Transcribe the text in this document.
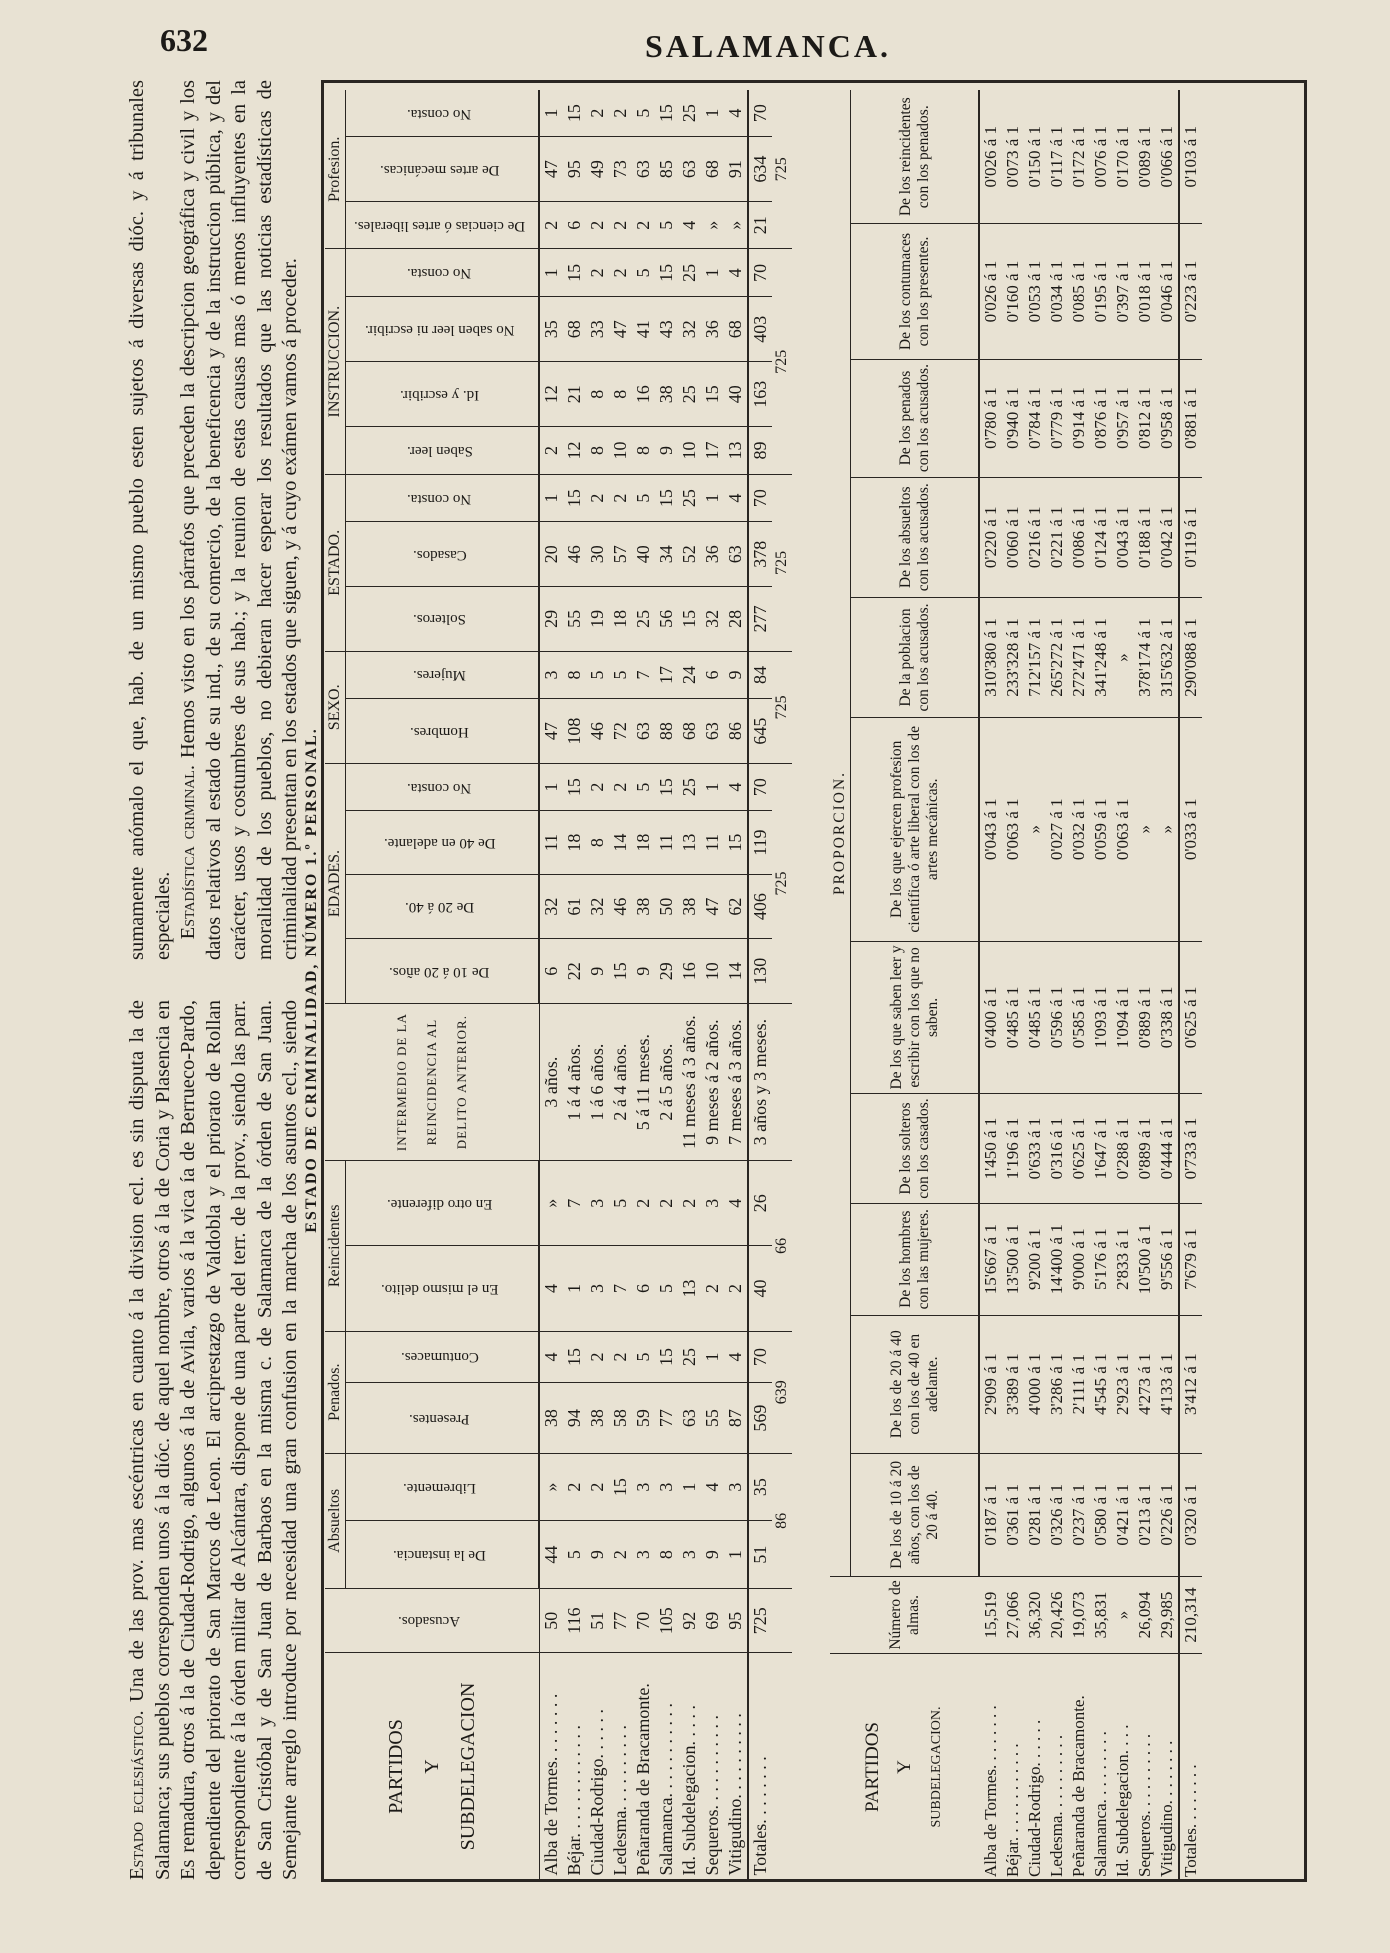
632	SALAMANCA.

Estado eclesiástico. Una de las prov. mas escéntricas en cuanto á la division ecl. es sin disputa la de Salamanca; sus pueblos corresponden unos á la dióc. de aquel nombre, otros á la de Coria y Plasencia en Es remadura, otros á la de Ciudad-Rodrigo, algunos á la de Avila, varios á la vica ía de Berrueco-Pardo, dependiente del priorato de San Marcos de Leon. El arciprestazgo de Valdobla y el priorato de Rollan correspondiente á la órden militar de Alcántara, dispone de una parte del terr. de la prov., siendo las parr. de San Cristóbal y de San Juan de Barbaos en la misma c. de Salamanca de la órden de San Juan. Semejante arreglo introduce por necesidad una gran confusion en la marcha de los asuntos ecl., siendo sumamente anómalo el que, hab. de un mismo pueblo esten sujetos á diversas dióc. y á tribunales especiales. Estadística criminal. Hemos visto en los párrafos que preceden la descripcion geográfica y civil y los datos relativos al estado de su ind., de su comercio, de la beneficencia y de la instruccion pública, y del carácter, usos y costumbres de sus hab.; y la reunion de estas causas mas ó menos influyentes en la moralidad de los pueblos, no debieran hacer esperar los resultados que las noticias estadísticas de criminalidad presentan en los estados que siguen, y á cuyo exámen vamos á proceder.

ESTADO DE CRIMINALIDAD, NÚMERO 1.º PERSONAL.
PARTIDOS Y SUBDELEGACION	Acusados.	Absueltos		Penados.		Reincidentes		INTERMEDIO DE LA REINCIDENCIA AL DELITO ANTERIOR.	EDADES.				SEXO.		ESTADO.			INSTRUCCION.				Profesion.		
		De la instancia.	Libremente.	Presentes.	Contumaces.	En el mismo delito.	En otro diferente.		De 10 á 20 años.	De 20 á 40.	De 40 en adelante.	No consta.	Hombres.	Mujeres.	Solteros.	Casados.	No consta.	Saben leer.	Id. y escribir.	No saben leer ni escribir.	No consta.	De ciencias ó artes liberales.	De artes mecánicas.	No consta.
Alba de Tormes. . . . . . . .	50	44	»	38	4	4	»	3 años.	6	32	11	1	47	3	29	20	1	2	12	35	1	2	47	1
Béjar. . . . . . . . . . . . .	116	5	2	94	15	1	7	1 á 4 años.	22	61	18	15	108	8	55	46	15	12	21	68	15	6	95	15
Ciudad-Rodrigo. . . . . .	51	9	2	38	2	3	3	1 á 6 años.	9	32	8	2	46	5	19	30	2	8	8	33	2	2	49	2
Ledesma. . . . . . . . . .	77	2	15	58	2	7	5	2 á 4 años.	15	46	14	2	72	5	18	57	2	10	8	47	2	2	73	2
Peñaranda de Bracamonte.	70	3	3	59	5	6	2	5 á 11 meses.	9	38	18	5	63	7	25	40	5	8	16	41	5	2	63	5
Salamanca. . . . . . . . . . .	105	8	3	77	15	5	2	2 á 5 años.	29	50	11	15	88	17	56	34	15	9	38	43	15	5	85	15
Id. Subdelegacion. . . . .	92	3	1	63	25	13	2	11 meses á 3 años.	16	38	13	25	68	24	15	52	25	10	25	32	25	4	63	25
Sequeros. . . . . . . . . . .	69	9	4	55	1	2	3	9 meses á 2 años.	10	47	11	1	63	6	32	36	1	17	15	36	1	»	68	1
Vitigudino. . . . . . . . . .	95	1	3	87	4	2	4	7 meses á 3 años.	14	62	15	4	86	9	28	63	4	13	40	68	4	»	91	4
Totales. . . . . . . .	725	51	35	569	70	40	26	3 años y 3 meses.	130	406	119	70	645	84	277	378	70	89	163	403	70	21	634	70
		86		639		66			725				725		725			725				725		
PARTIDOS Y SUBDELEGACION.	Número de almas.	PROPORCION.										
		De los de 10 á 20 años, con los de 20 á 40.	De los de 20 á 40 con los de 40 en adelante.	De los hombres con las mujeres.	De los solteros con los casados.	De los que saben leer y escribir con los que no saben.	De los que ejercen profesion científica ó arte liberal con los de artes mecánicas.	De la poblacion con los acusados.	De los absueltos con los acusados.	De los penados con los acusados.	De los contumaces con los presentes.	De los reincidentes con los penados.
Alba de Tormes. . . . . . . .	15,519	0'187 á 1	2'909 á 1	15'667 á 1	1'450 á 1	0'400 á 1	0'043 á 1	310'380 á 1	0'220 á 1	0'780 á 1	0'026 á 1	0'026 á 1
Béjar. . . . . . . . . . . .	27,066	0'361 á 1	3'389 á 1	13'500 á 1	1'196 á 1	0'485 á 1	0'063 á 1	233'328 á 1	0'060 á 1	0'940 á 1	0'160 á 1	0'073 á 1
Ciudad-Rodrigo. . . . . .	36,320	0'281 á 1	4'000 á 1	9'200 á 1	0'633 á 1	0'485 á 1	»	712'157 á 1	0'216 á 1	0'784 á 1	0'053 á 1	0'150 á 1
Ledesma. . . . . . . . . .	20,426	0'326 á 1	3'286 á 1	14'400 á 1	0'316 á 1	0'596 á 1	0'027 á 1	265'272 á 1	0'221 á 1	0'779 á 1	0'034 á 1	0'117 á 1
Peñaranda de Bracamonte.	19,073	0'237 á 1	2'111 á 1	9'000 á 1	0'625 á 1	0'585 á 1	0'032 á 1	272'471 á 1	0'086 á 1	0'914 á 1	0'085 á 1	0'172 á 1
Salamanca. . . . . . . . .	35,831	0'580 á 1	4'545 á 1	5'176 á 1	1'647 á 1	1'093 á 1	0'059 á 1	341'248 á 1	0'124 á 1	0'876 á 1	0'195 á 1	0'076 á 1
Id. Subdelegacion. . . .	»	0'421 á 1	2'923 á 1	2'833 á 1	0'288 á 1	1'094 á 1	0'063 á 1	»	0'043 á 1	0'957 á 1	0'397 á 1	0'170 á 1
Sequeros. . . . . . . . . .	26,094	0'213 á 1	4'273 á 1	10'500 á 1	0'889 á 1	0'889 á 1	»	378'174 á 1	0'188 á 1	0'812 á 1	0'018 á 1	0'089 á 1
Vitigudino. . . . . . . .	29,985	0'226 á 1	4'133 á 1	9'556 á 1	0'444 á 1	0'338 á 1	»	315'632 á 1	0'042 á 1	0'958 á 1	0'046 á 1	0'066 á 1
Totales. . . . . . . .	210,314	0'320 á 1	3'412 á 1	7'679 á 1	0'733 á 1	0'625 á 1	0'033 á 1	290'088 á 1	0'119 á 1	0'881 á 1	0'223 á 1	0'103 á 1
